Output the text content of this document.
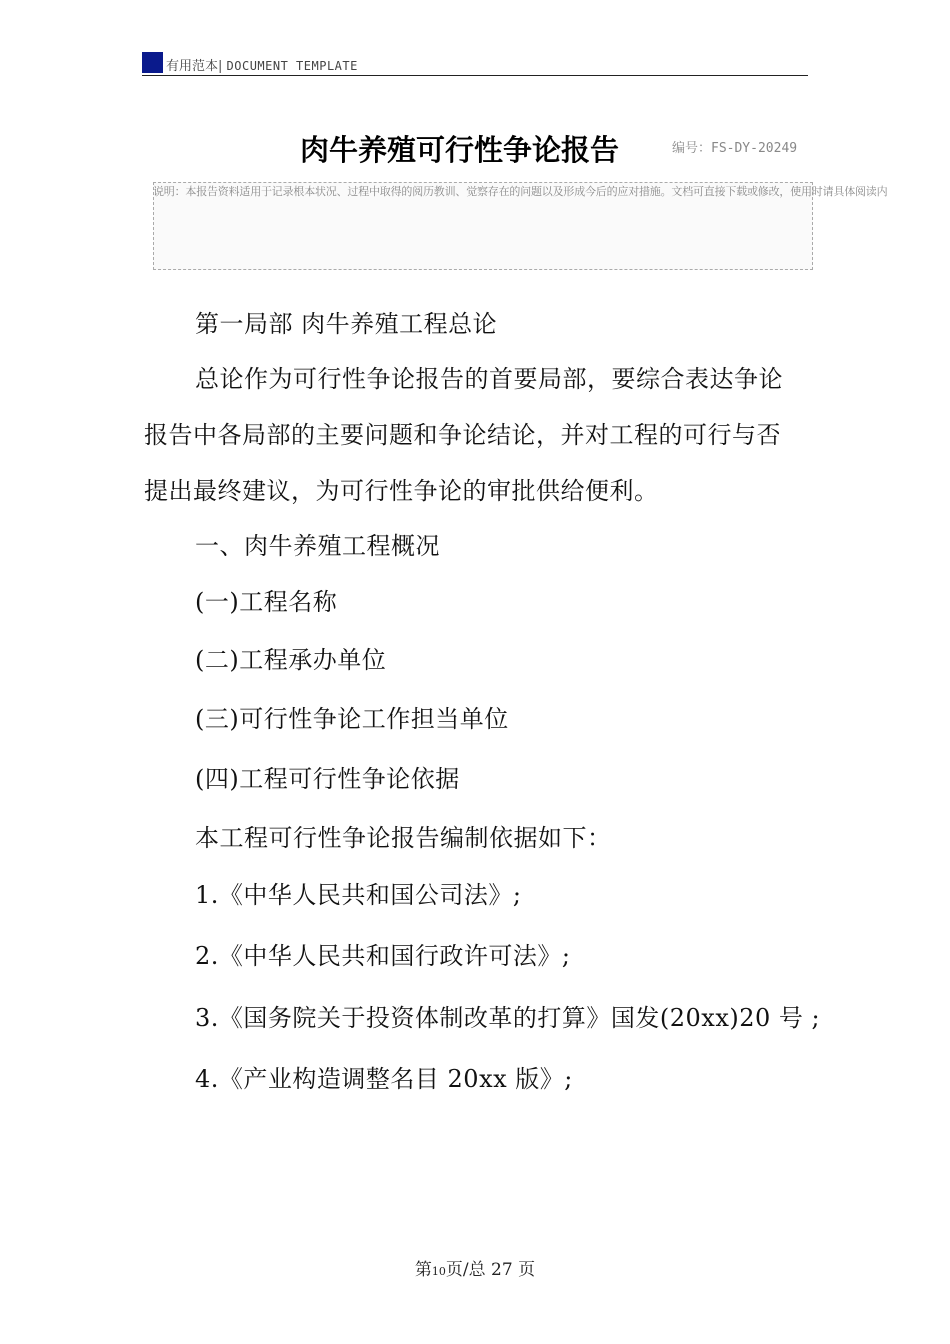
有用范本| DOCUMENT TEMPLATE
肉牛养殖可行性争论报告	编号：FS-DY-20249
说明：本报告资料适用于记录根本状况、过程中取得的阅历教训、觉察存在的问题以及形成今后的应对措施。文档可直接下载或修改，使用时请具体阅读内
第一局部 肉牛养殖工程总论
总论作为可行性争论报告的首要局部，要综合表达争论
报告中各局部的主要问题和争论结论，并对工程的可行与否
提出最终建议，为可行性争论的审批供给便利。
一、肉牛养殖工程概况
(一)工程名称
(二)工程承办单位
(三)可行性争论工作担当单位
(四)工程可行性争论依据
本工程可行性争论报告编制依据如下：
1.《中华人民共和国公司法》;
2.《中华人民共和国行政许可法》;
3.《国务院关于投资体制改革的打算》国发(20xx)20 号 ;
4.《产业构造调整名目 20xx 版》;
第10页/总 27 页
